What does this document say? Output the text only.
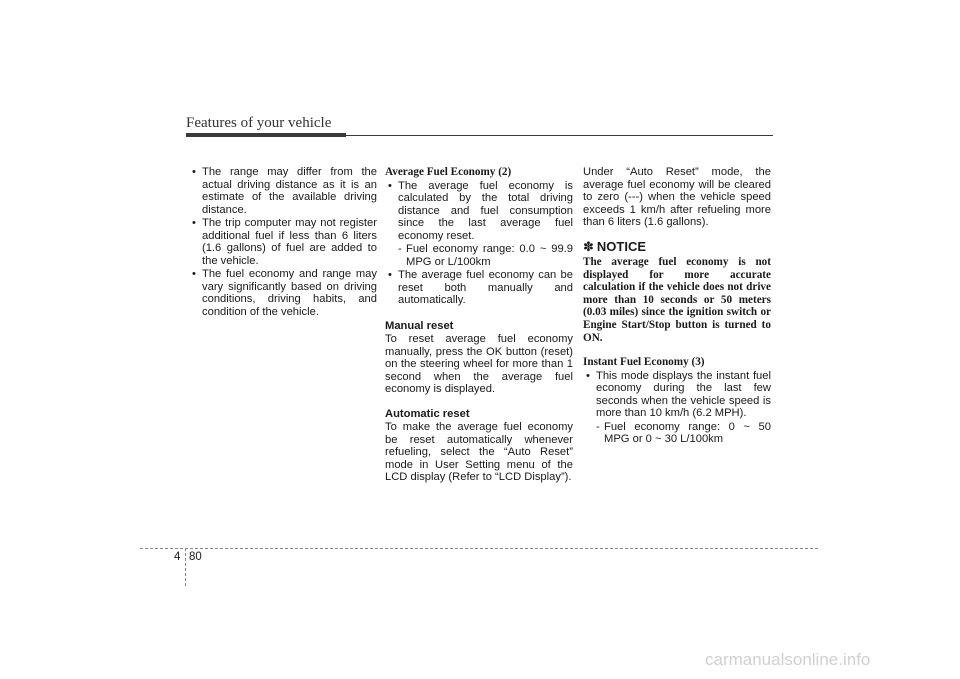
Features of your vehicle

• The range may differ from the actual driving distance as it is an estimate of the available driving distance.

• The trip computer may not register additional fuel if less than 6 liters (1.6 gallons) of fuel are added to the vehicle.

• The fuel economy and range may vary significantly based on driving conditions, driving habits, and condition of the vehicle.

Average Fuel Economy (2)

• The average fuel economy is calculated by the total driving distance and fuel consumption since the last average fuel economy reset.

- Fuel economy range: 0.0 ~ 99.9 MPG or L/100km

• The average fuel economy can be reset both manually and automatically.

Manual reset

To reset average fuel economy manually, press the OK button (reset) on the steering wheel for more than 1 second when the average fuel economy is displayed.

Automatic reset

To make the average fuel economy be reset automatically whenever refueling, select the “Auto Reset” mode in User Setting menu of the LCD display (Refer to “LCD Display”).

Under “Auto Reset” mode, the average fuel economy will be cleared to zero (---) when the vehicle speed exceeds 1 km/h after refueling more than 6 liters (1.6 gallons).

✽ NOTICE

The average fuel economy is not displayed for more accurate calculation if the vehicle does not drive more than 10 seconds or 50 meters (0.03 miles) since the ignition switch or Engine Start/Stop button is turned to ON.

Instant Fuel Economy (3)

• This mode displays the instant fuel economy during the last few seconds when the vehicle speed is more than 10 km/h (6.2 MPH).

- Fuel economy range: 0 ~ 50 MPG or 0 ~ 30 L/100km

4 80
carmanualsonline.info
